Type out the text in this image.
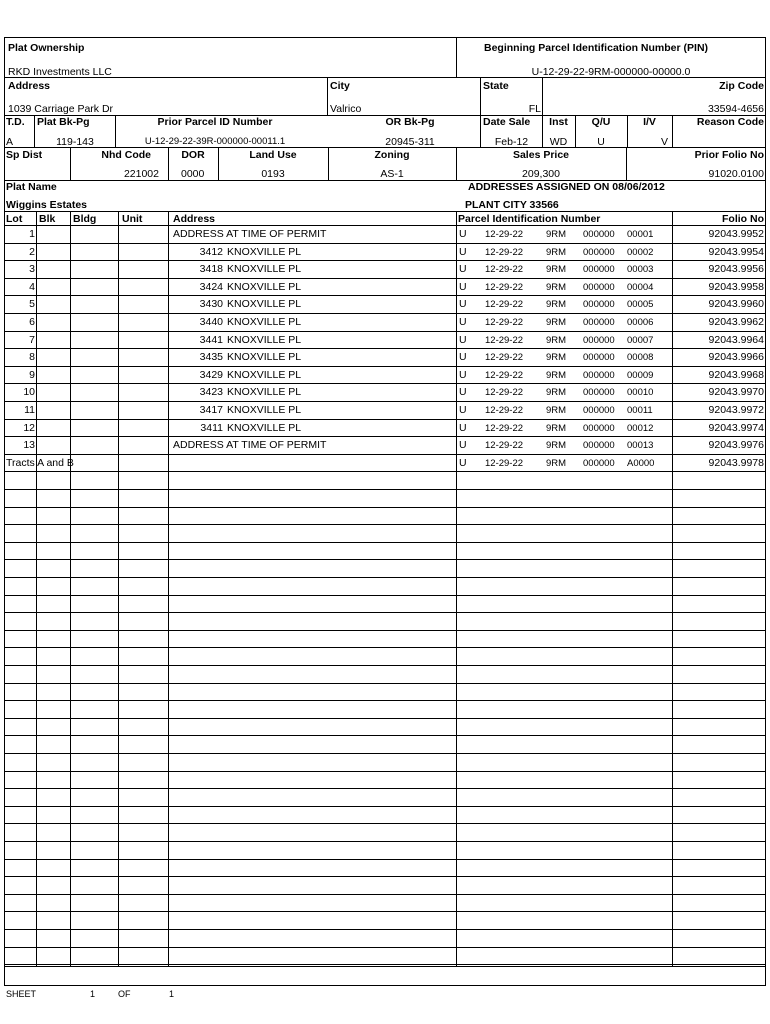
Plat Ownership
RKD Investments LLC
Beginning Parcel Identification Number (PIN)
U-12-29-22-9RM-000000-00000.0
Address
1039 Carriage Park Dr
City
Valrico
State
FL
Zip Code
33594-4656
T.D.
A
Plat Bk-Pg
119-143
Prior Parcel ID Number
U-12-29-22-39R-000000-00011.1
OR Bk-Pg
20945-311
Date Sale
Feb-12
Inst
WD
Q/U
U
I/V
V
Reason Code
Sp Dist	Nhd Code
221002
DOR
0000
Land Use
0193
Zoning
AS-1
Sales Price
209,300
Prior Folio No
91020.0100
Plat Name
Wiggins Estates
ADDRESSES ASSIGNED ON 08/06/2012
PLANT CITY 33566
Lot Blk Bldg Unit	Address	Parcel Identification Number	Folio No
1	ADDRESS AT TIME OF PERMIT	U	12-29-22	9RM	000000	00001	92043.9952
2	3412 KNOXVILLE PL	U	12-29-22	9RM	000000	00002	92043.9954
3	3418 KNOXVILLE PL	U	12-29-22	9RM	000000	00003	92043.9956
4	3424 KNOXVILLE PL	U	12-29-22	9RM	000000	00004	92043.9958
5	3430 KNOXVILLE PL	U	12-29-22	9RM	000000	00005	92043.9960
6	3440 KNOXVILLE PL	U	12-29-22	9RM	000000	00006	92043.9962
7	3441 KNOXVILLE PL	U	12-29-22	9RM	000000	00007	92043.9964
8	3435 KNOXVILLE PL	U	12-29-22	9RM	000000	00008	92043.9966
9	3429 KNOXVILLE PL	U	12-29-22	9RM	000000	00009	92043.9968
10	3423 KNOXVILLE PL	U	12-29-22	9RM	000000	00010	92043.9970
11	3417 KNOXVILLE PL	U	12-29-22	9RM	000000	00011	92043.9972
12	3411 KNOXVILLE PL	U	12-29-22	9RM	000000	00012	92043.9974
13	ADDRESS AT TIME OF PERMIT	U	12-29-22	9RM	000000	00013	92043.9976
Tracts A and B	U	12-29-22	9RM	000000	A0000	92043.9978
SHEET	1	OF	1
